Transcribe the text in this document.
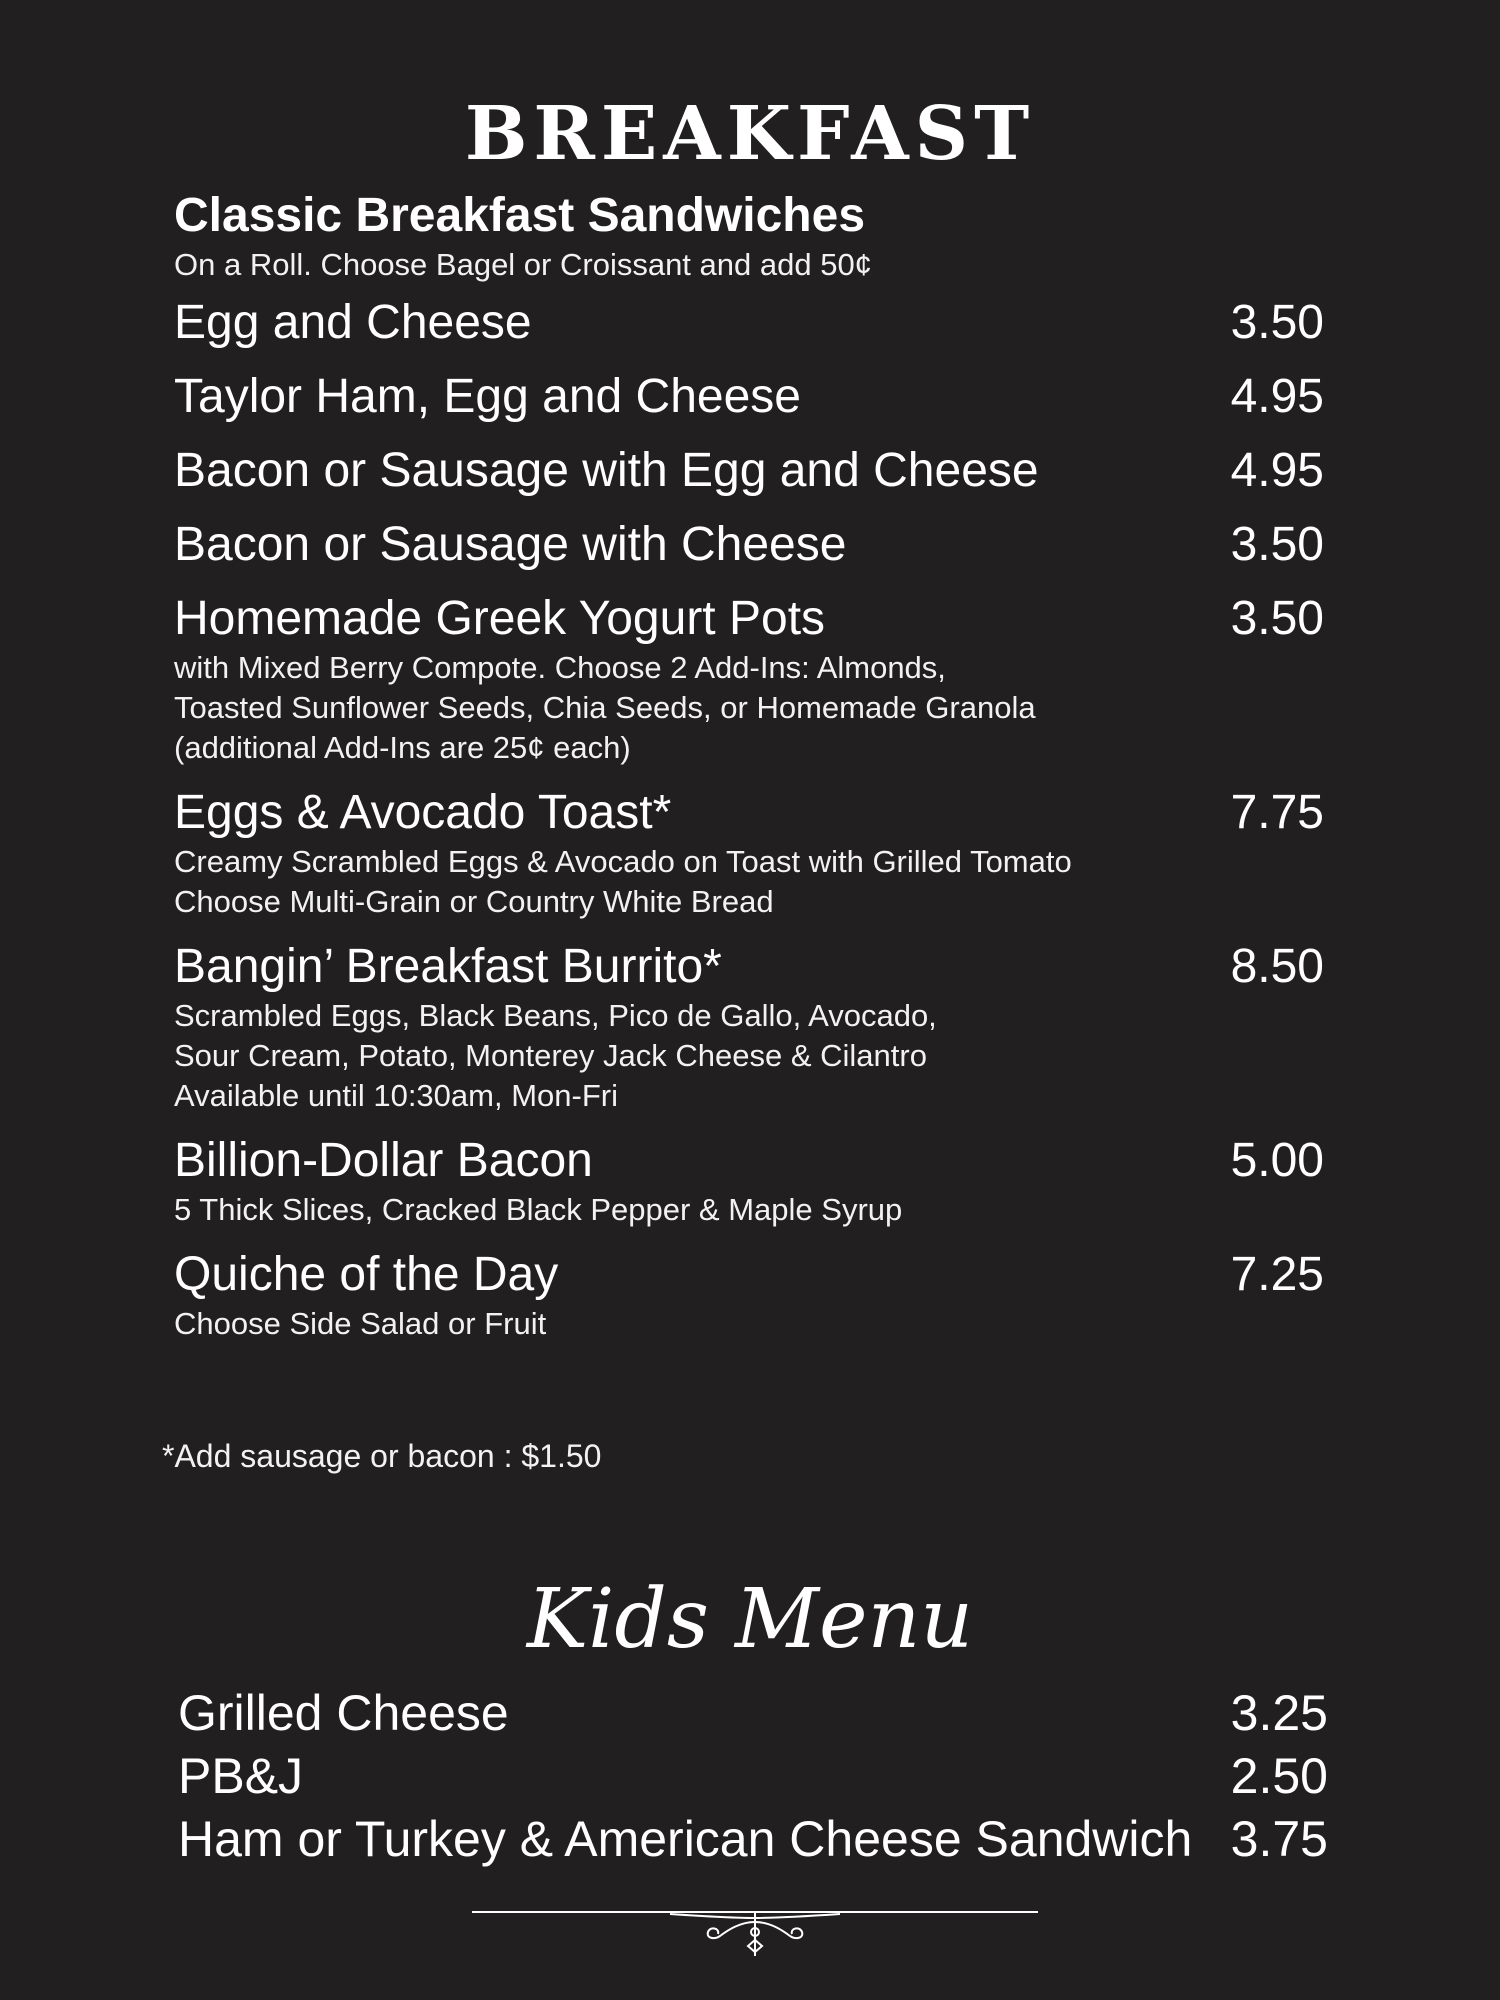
BREAKFAST
Classic Breakfast Sandwiches
On a Roll. Choose Bagel or Croissant and add 50¢
Egg and Cheese	3.50
Taylor Ham, Egg and Cheese	4.95
Bacon or Sausage with Egg and Cheese	4.95
Bacon or Sausage with Cheese	3.50
Homemade Greek Yogurt Pots	3.50
with Mixed Berry Compote. Choose 2 Add-Ins: Almonds,
Toasted Sunflower Seeds, Chia Seeds, or Homemade Granola
(additional Add-Ins are 25¢ each)
Eggs & Avocado Toast*	7.75
Creamy Scrambled Eggs & Avocado on Toast with Grilled Tomato
Choose Multi-Grain or Country White Bread
Bangin’ Breakfast Burrito*	8.50
Scrambled Eggs, Black Beans, Pico de Gallo, Avocado,
Sour Cream, Potato, Monterey Jack Cheese & Cilantro
Available until 10:30am, Mon-Fri
Billion-Dollar Bacon	5.00
5 Thick Slices, Cracked Black Pepper & Maple Syrup
Quiche of the Day	7.25
Choose Side Salad or Fruit
*Add sausage or bacon : $1.50
Kids Menu
Grilled Cheese	3.25
PB&J	2.50
Ham or Turkey & American Cheese Sandwich 3.75
